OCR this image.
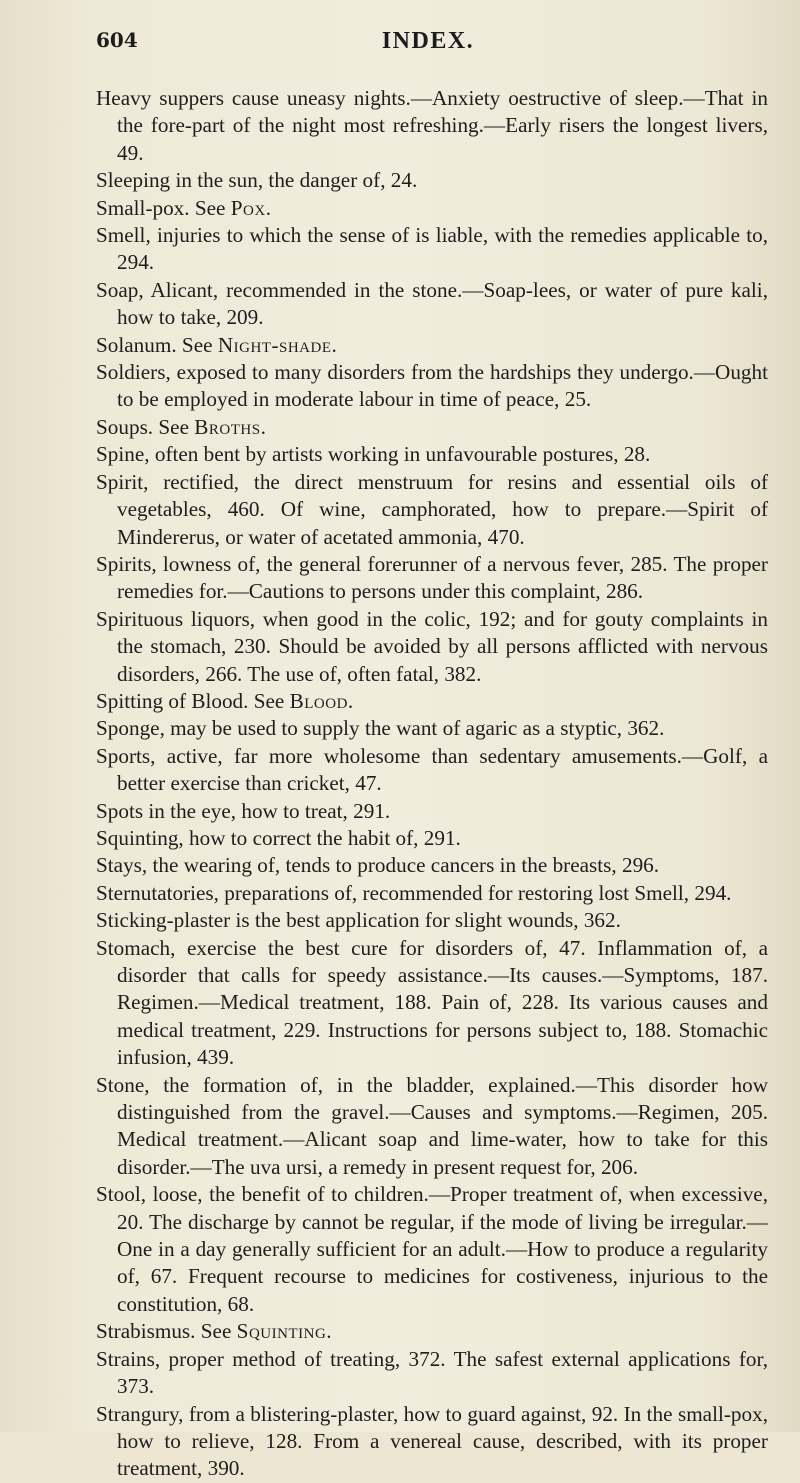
604	INDEX.

Heavy suppers cause uneasy nights.—Anxiety oestructive of sleep.—That in the fore-part of the night most refreshing.—Early risers the longest livers, 49.

Sleeping in the sun, the danger of, 24.

Small-pox. See Pox.

Smell, injuries to which the sense of is liable, with the remedies applicable to, 294.

Soap, Alicant, recommended in the stone.—Soap-lees, or water of pure kali, how to take, 209.

Solanum. See Night-shade.

Soldiers, exposed to many disorders from the hardships they undergo.—Ought to be employed in moderate labour in time of peace, 25.

Soups. See Broths.

Spine, often bent by artists working in unfavourable postures, 28.

Spirit, rectified, the direct menstruum for resins and essential oils of vegetables, 460. Of wine, camphorated, how to prepare.—Spirit of Mindererus, or water of acetated ammonia, 470.

Spirits, lowness of, the general forerunner of a nervous fever, 285. The proper remedies for.—Cautions to persons under this complaint, 286.

Spirituous liquors, when good in the colic, 192; and for gouty complaints in the stomach, 230. Should be avoided by all persons afflicted with nervous disorders, 266. The use of, often fatal, 382.

Spitting of Blood. See Blood.

Sponge, may be used to supply the want of agaric as a styptic, 362.

Sports, active, far more wholesome than sedentary amusements.—Golf, a better exercise than cricket, 47.

Spots in the eye, how to treat, 291.

Squinting, how to correct the habit of, 291.

Stays, the wearing of, tends to produce cancers in the breasts, 296.

Sternutatories, preparations of, recommended for restoring lost Smell, 294.

Sticking-plaster is the best application for slight wounds, 362.

Stomach, exercise the best cure for disorders of, 47. Inflammation of, a disorder that calls for speedy assistance.—Its causes.—Symptoms, 187. Regimen.—Medical treatment, 188. Pain of, 228. Its various causes and medical treatment, 229. Instructions for persons subject to, 188. Stomachic infusion, 439.

Stone, the formation of, in the bladder, explained.—This disorder how distinguished from the gravel.—Causes and symptoms.—Regimen, 205. Medical treatment.—Alicant soap and lime-water, how to take for this disorder.—The uva ursi, a remedy in present request for, 206.

Stool, loose, the benefit of to children.—Proper treatment of, when excessive, 20. The discharge by cannot be regular, if the mode of living be irregular.—One in a day generally sufficient for an adult.—How to produce a regularity of, 67. Frequent recourse to medicines for costiveness, injurious to the constitution, 68.

Strabismus. See Squinting.

Strains, proper method of treating, 372. The safest external applications for, 373.

Strangury, from a blistering-plaster, how to guard against, 92. In the small-pox, how to relieve, 128. From a venereal cause, described, with its proper treatment, 390.
